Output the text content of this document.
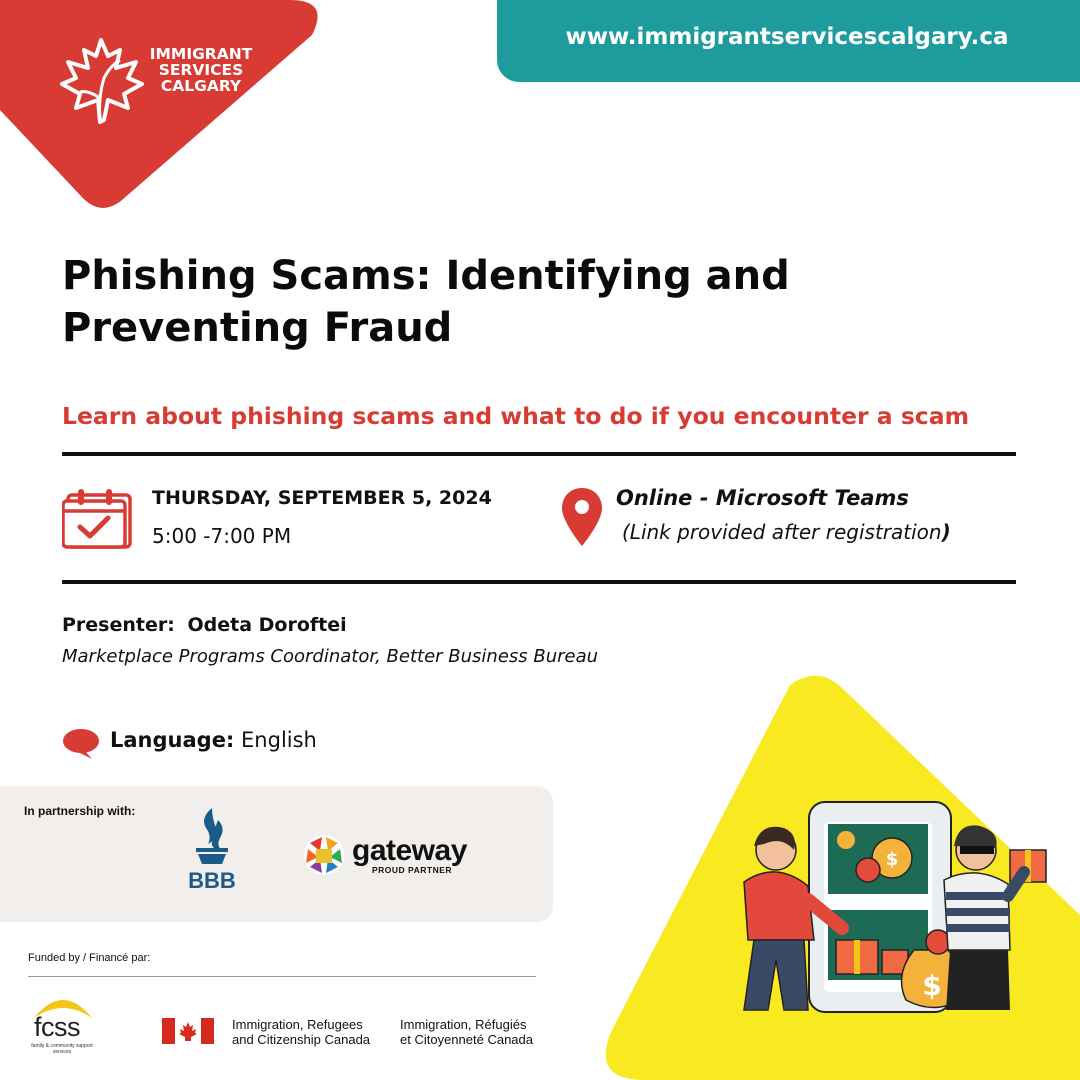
IMMIGRANT
SERVICES
CALGARY
www.immigrantservicescalgary.ca
Phishing Scams: Identifying and
Preventing Fraud
Learn about phishing scams and what to do if you encounter a scam
THURSDAY, SEPTEMBER 5, 2024
5:00 -7:00 PM
Online - Microsoft Teams
(Link provided after registration)
Presenter: Odeta Doroftei
Marketplace Programs Coordinator, Better Business Bureau
Language: English
In partnership with:
BBB
gateway
PROUD PARTNER
Funded by / Financé par:
fcss
family & community support services
Immigration, Refugees
and Citizenship Canada
Immigration, Réfugiés
et Citoyenneté Canada
$
$
